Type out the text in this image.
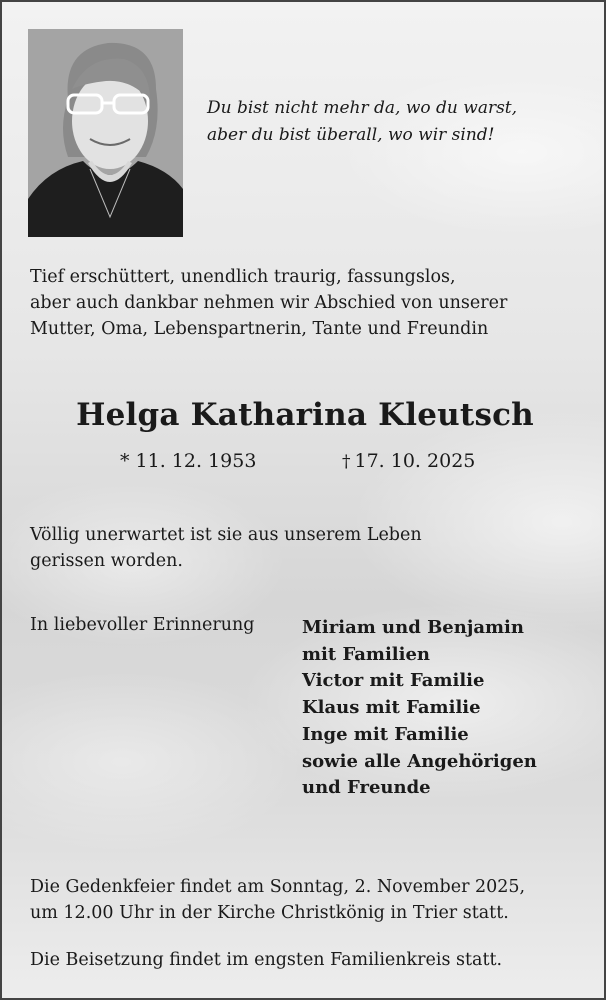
Du bist nicht mehr da, wo du warst,
aber du bist überall, wo wir sind!
Tief erschüttert, unendlich traurig, fassungslos,
aber auch dankbar nehmen wir Abschied von unserer
Mutter, Oma, Lebenspartnerin, Tante und Freundin
Helga Katharina Kleutsch
* 11. 12. 1953	† 17. 10. 2025
Völlig unerwartet ist sie aus unserem Leben
gerissen worden.
In liebevoller Erinnerung	Miriam und Benjamin
mit Familien
Victor mit Familie
Klaus mit Familie
Inge mit Familie
sowie alle Angehörigen
und Freunde
Die Gedenkfeier findet am Sonntag, 2. November 2025,
um 12.00 Uhr in der Kirche Christkönig in Trier statt.
Die Beisetzung findet im engsten Familienkreis statt.
